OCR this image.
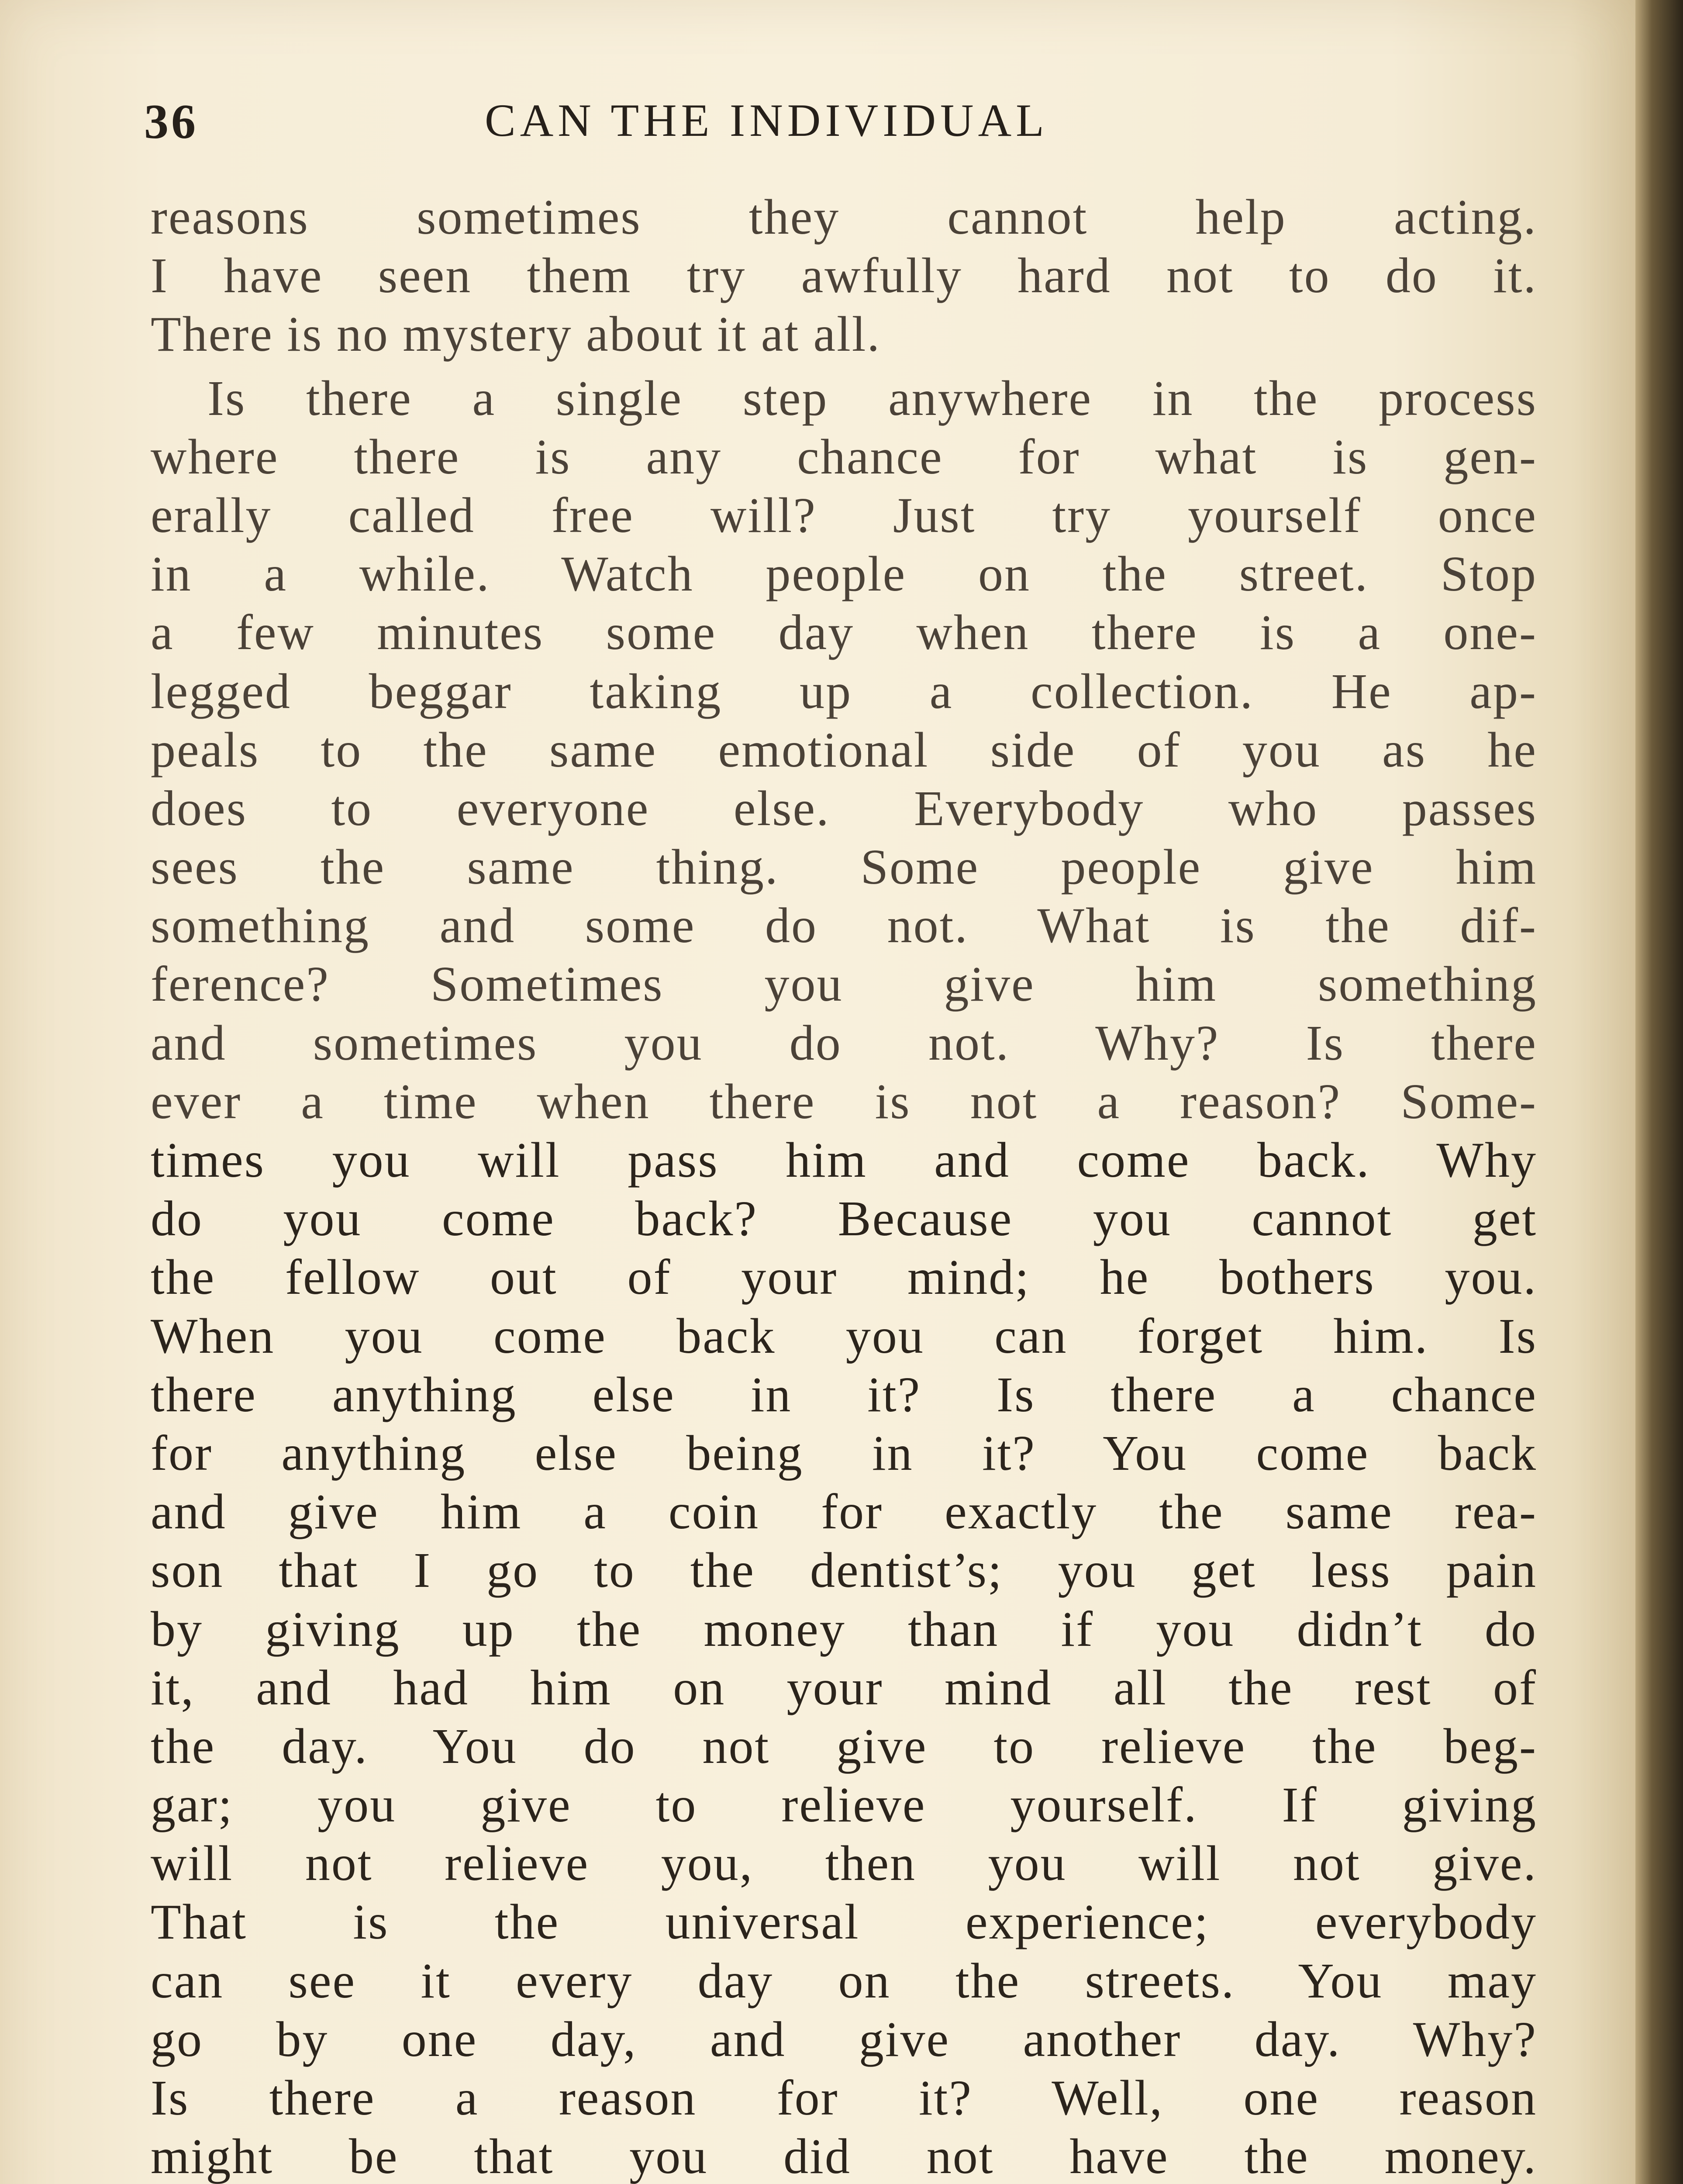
36	CAN THE INDIVIDUAL
reasons sometimes they cannot help acting.
I have seen them try awfully hard not to do it.
There is no mystery about it at all.
Is there a single step anywhere in the process
where there is any chance for what is gen-
erally called free will? Just try yourself once
in a while. Watch people on the street. Stop
a few minutes some day when there is a one-
legged beggar taking up a collection. He ap-
peals to the same emotional side of you as he
does to everyone else. Everybody who passes
sees the same thing. Some people give him
something and some do not. What is the dif-
ference? Sometimes you give him something
and sometimes you do not. Why? Is there
ever a time when there is not a reason? Some-
times you will pass him and come back. Why
do you come back? Because you cannot get
the fellow out of your mind; he bothers you.
When you come back you can forget him. Is
there anything else in it? Is there a chance
for anything else being in it? You come back
and give him a coin for exactly the same rea-
son that I go to the dentist’s; you get less pain
by giving up the money than if you didn’t do
it, and had him on your mind all the rest of
the day. You do not give to relieve the beg-
gar; you give to relieve yourself. If giving
will not relieve you, then you will not give.
That is the universal experience; everybody
can see it every day on the streets. You may
go by one day, and give another day. Why?
Is there a reason for it? Well, one reason
might be that you did not have the money.
